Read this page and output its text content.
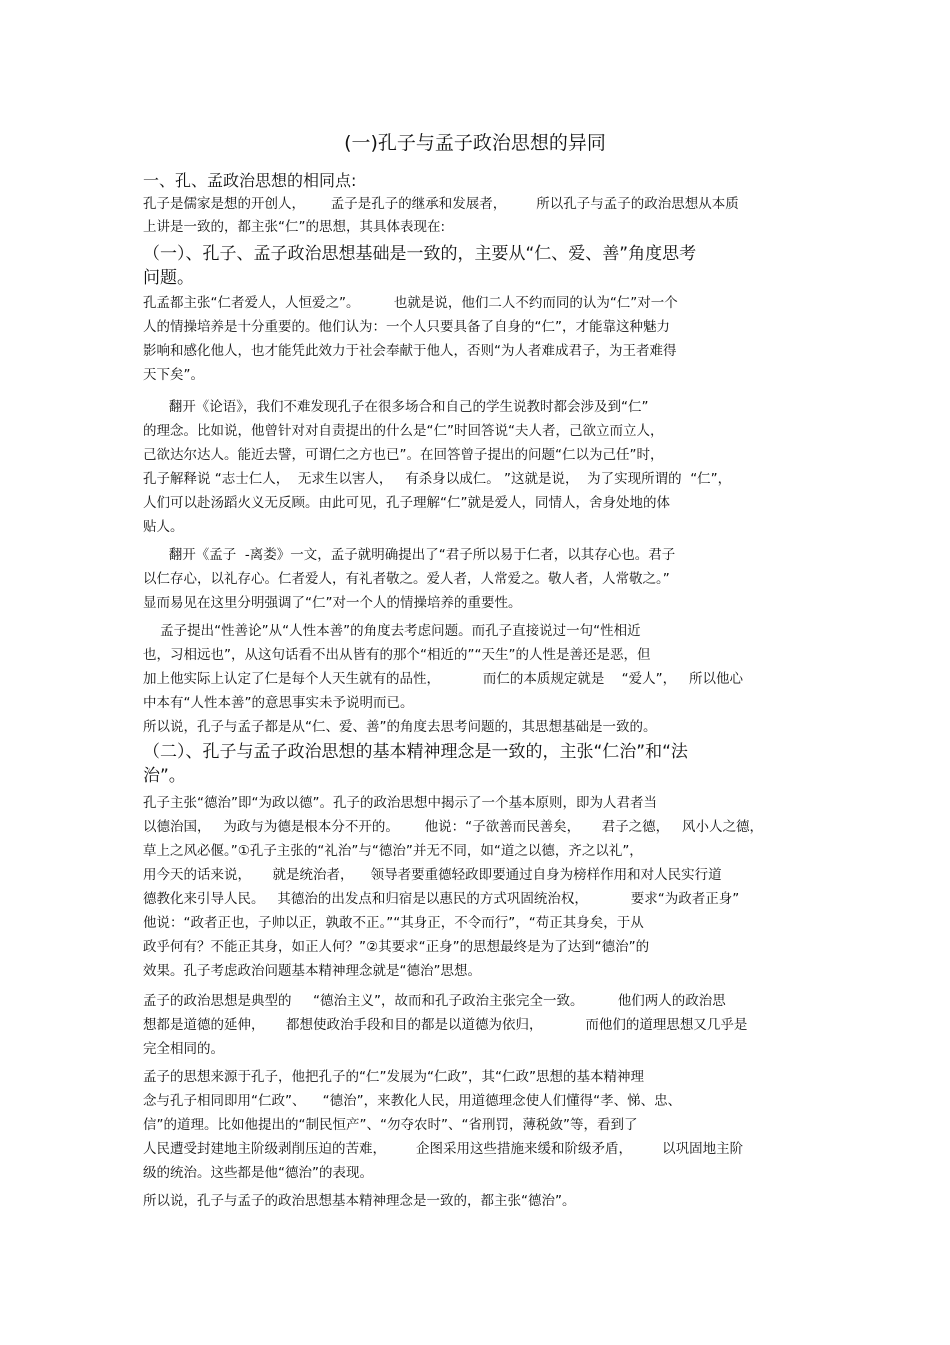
(一)孔子与孟子政治思想的异同
一、孔、孟政治思想的相同点:
孔子是儒家是想的开创人，      孟子是孔子的继承和发展者，       所以孔子与孟子的政治思想从本质
上讲是一致的，都主张“仁”的思想，其具体表现在:
（一）、孔子、孟子政治思想基础是一致的，主要从“仁、爱、善”角度思考
问题。
孔孟都主张“仁者爱人，人恒爱之”。        也就是说，他们二人不约而同的认为“仁”对一个
人的情操培养是十分重要的。他们认为：一个人只要具备了自身的“仁”，才能靠这种魅力
影响和感化他人，也才能凭此效力于社会奉献于他人，否则“为人者难成君子，为王者难得
天下矣”。
翻开《论语》，我们不难发现孔子在很多场合和自己的学生说教时都会涉及到“仁”
的理念。比如说，他曾针对对自责提出的什么是“仁”时回答说“夫人者，己欲立而立人，
己欲达尔达人。能近去譬，可谓仁之方也已”。在回答曾子提出的问题“仁以为己任”时，
孔子解释说 “志士仁人，  无求生以害人，   有杀身以成仁。 ”这就是说，  为了实现所谓的  “仁”，
人们可以赴汤蹈火义无反顾。由此可见，孔子理解“仁”就是爱人，同情人，舍身处地的体
贴人。
翻开《孟子  -离娄》一文，孟子就明确提出了“君子所以易于仁者，以其存心也。君子
以仁存心，以礼存心。仁者爱人，有礼者敬之。爱人者，人常爱之。敬人者，人常敬之。”
显而易见在这里分明强调了“仁”对一个人的情操培养的重要性。
孟子提出“性善论”从“人性本善”的角度去考虑问题。而孔子直接说过一句“性相近
也，习相远也”，从这句话看不出从皆有的那个“相近的”“天生”的人性是善还是恶，但
加上他实际上认定了仁是每个人天生就有的品性，          而仁的本质规定就是    “爱人”，   所以他心
中本有“人性本善”的意思事实未予说明而已。
所以说，孔子与孟子都是从“仁、爱、善”的角度去思考问题的，其思想基础是一致的。
（二）、孔子与孟子政治思想的基本精神理念是一致的，主张“仁治”和“法
治”。
孔子主张“德治”即“为政以德”。孔子的政治思想中揭示了一个基本原则，即为人君者当
以德治国，   为政与为德是根本分不开的。      他说：“子欲善而民善矣，     君子之德，   风小人之德，
草上之风必偃。”①孔子主张的“礼治”与“德治”并无不同，如“道之以德，齐之以礼”，
用今天的话来说，     就是统治者，    领导者要重德轻政即要通过自身为榜样作用和对人民实行道
德教化来引导人民。   其德治的出发点和归宿是以惠民的方式巩固统治权，          要求“为政者正身”
他说：“政者正也，子帅以正，孰敢不正。”“其身正，不令而行”，“苟正其身矣，于从
政乎何有？不能正其身，如正人何？”②其要求“正身”的思想最终是为了达到“德治”的
效果。孔子考虑政治问题基本精神理念就是“德治”思想。
孟子的政治思想是典型的     “德治主义”，故而和孔子政治主张完全一致。        他们两人的政治思
想都是道德的延伸，     都想使政治手段和目的都是以道德为依归，          而他们的道理思想又几乎是
完全相同的。
孟子的思想来源于孔子，他把孔子的“仁”发展为“仁政”，其“仁政”思想的基本精神理
念与孔子相同即用“仁政”、    “德治”，来教化人民，用道德理念使人们懂得“孝、悌、忠、
信”的道理。比如他提出的“制民恒产”、“勿夺农时”、“省刑罚，薄税敛”等，看到了
人民遭受封建地主阶级剥削压迫的苦难，       企图采用这些措施来缓和阶级矛盾，       以巩固地主阶
级的统治。这些都是他“德治”的表现。
所以说，孔子与孟子的政治思想基本精神理念是一致的，都主张“德治”。
